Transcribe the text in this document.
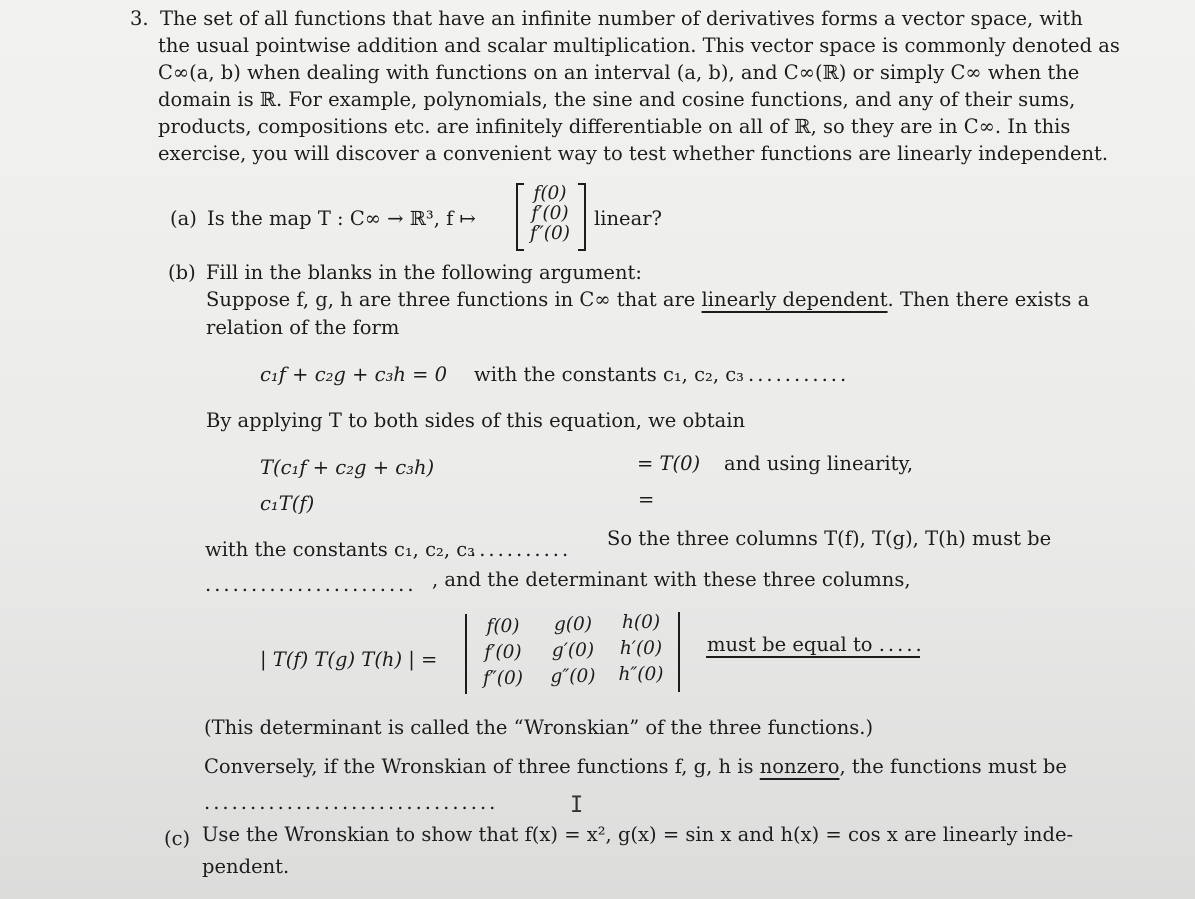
3. The set of all functions that have an infinite number of derivatives forms a vector space, with
the usual pointwise addition and scalar multiplication. This vector space is commonly denoted as
C∞(a, b) when dealing with functions on an interval (a, b), and C∞(ℝ) or simply C∞ when the
domain is ℝ. For example, polynomials, the sine and cosine functions, and any of their sums,
products, compositions etc. are infinitely differentiable on all of ℝ, so they are in C∞. In this
exercise, you will discover a convenient way to test whether functions are linearly independent.
(a) Is the map T : C∞ → ℝ³, f ↦
f(0)
f′(0)
f″(0)
linear?
(b) Fill in the blanks in the following argument:
Suppose f, g, h are three functions in C∞ that are linearly dependent. Then there exists a
relation of the form
c₁f + c₂g + c₃h = 0 with the constants c₁, c₂, c₃ ...........
By applying T to both sides of this equation, we obtain
T(c₁f + c₂g + c₃h)	= T(0) and using linearity,
c₁T(f)	=
with the constants c₁, c₂, c₃
........... So the three columns T(f), T(g), T(h) must be
....................... , and the determinant with these three columns,
| T(f) T(g) T(h) | =
f(0)	g(0)	h(0)
f′(0)	g′(0)	h′(0)
f″(0)	g″(0)	h″(0)
must be equal to .....
(This determinant is called the “Wronskian” of the three functions.)
Conversely, if the Wronskian of three functions f, g, h is nonzero, the functions must be
................................	I
(c) Use the Wronskian to show that f(x) = x², g(x) = sin x and h(x) = cos x are linearly inde-
pendent.
